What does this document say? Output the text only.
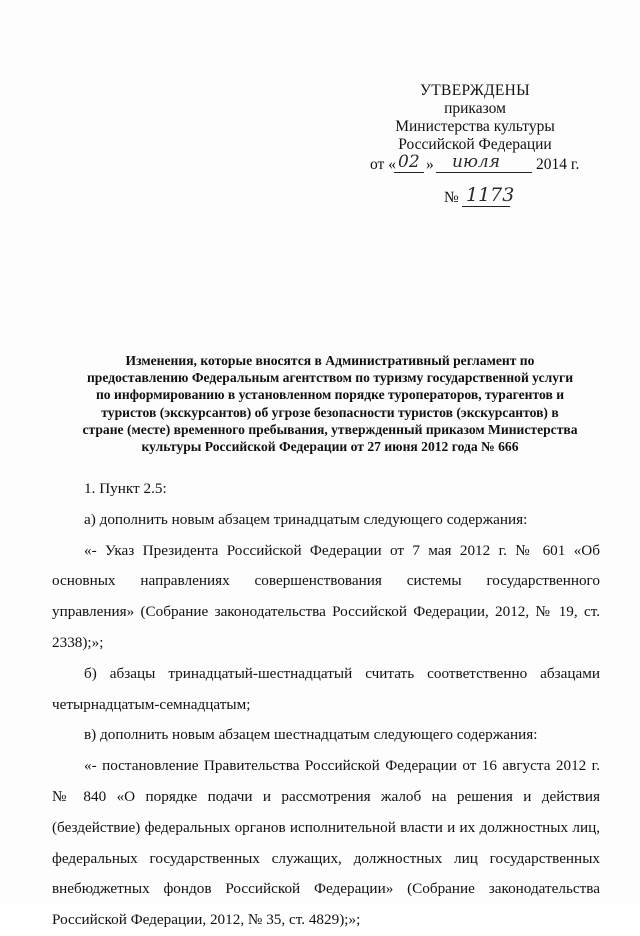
УТВЕРЖДЕНЫ
приказом
Министерства культуры
Российской Федерации
от « 02 » июля 2014 г.
№ 1173
Изменения, которые вносятся в Административный регламент по
предоставлению Федеральным агентством по туризму государственной услуги
по информированию в установленном порядке туроператоров, турагентов и
туристов (экскурсантов) об угрозе безопасности туристов (экскурсантов) в
стране (месте) временного пребывания, утвержденный приказом Министерства
культуры Российской Федерации от 27 июня 2012 года № 666

1. Пункт 2.5:

а) дополнить новым абзацем тринадцатым следующего содержания:

«- Указ Президента Российской Федерации от 7 мая 2012 г. № 601 «Об основных направлениях совершенствования системы государственного управления» (Собрание законодательства Российской Федерации, 2012, № 19, ст. 2338);»;

б) абзацы тринадцатый-шестнадцатый считать соответственно абзацами четырнадцатым-семнадцатым;

в) дополнить новым абзацем шестнадцатым следующего содержания:

«- постановление Правительства Российской Федерации от 16 августа 2012 г. № 840 «О порядке подачи и рассмотрения жалоб на решения и действия (бездействие) федеральных органов исполнительной власти и их должностных лиц, федеральных государственных служащих, должностных лиц государственных внебюджетных фондов Российской Федерации» (Собрание законодательства Российской Федерации, 2012, № 35, ст. 4829);»;
